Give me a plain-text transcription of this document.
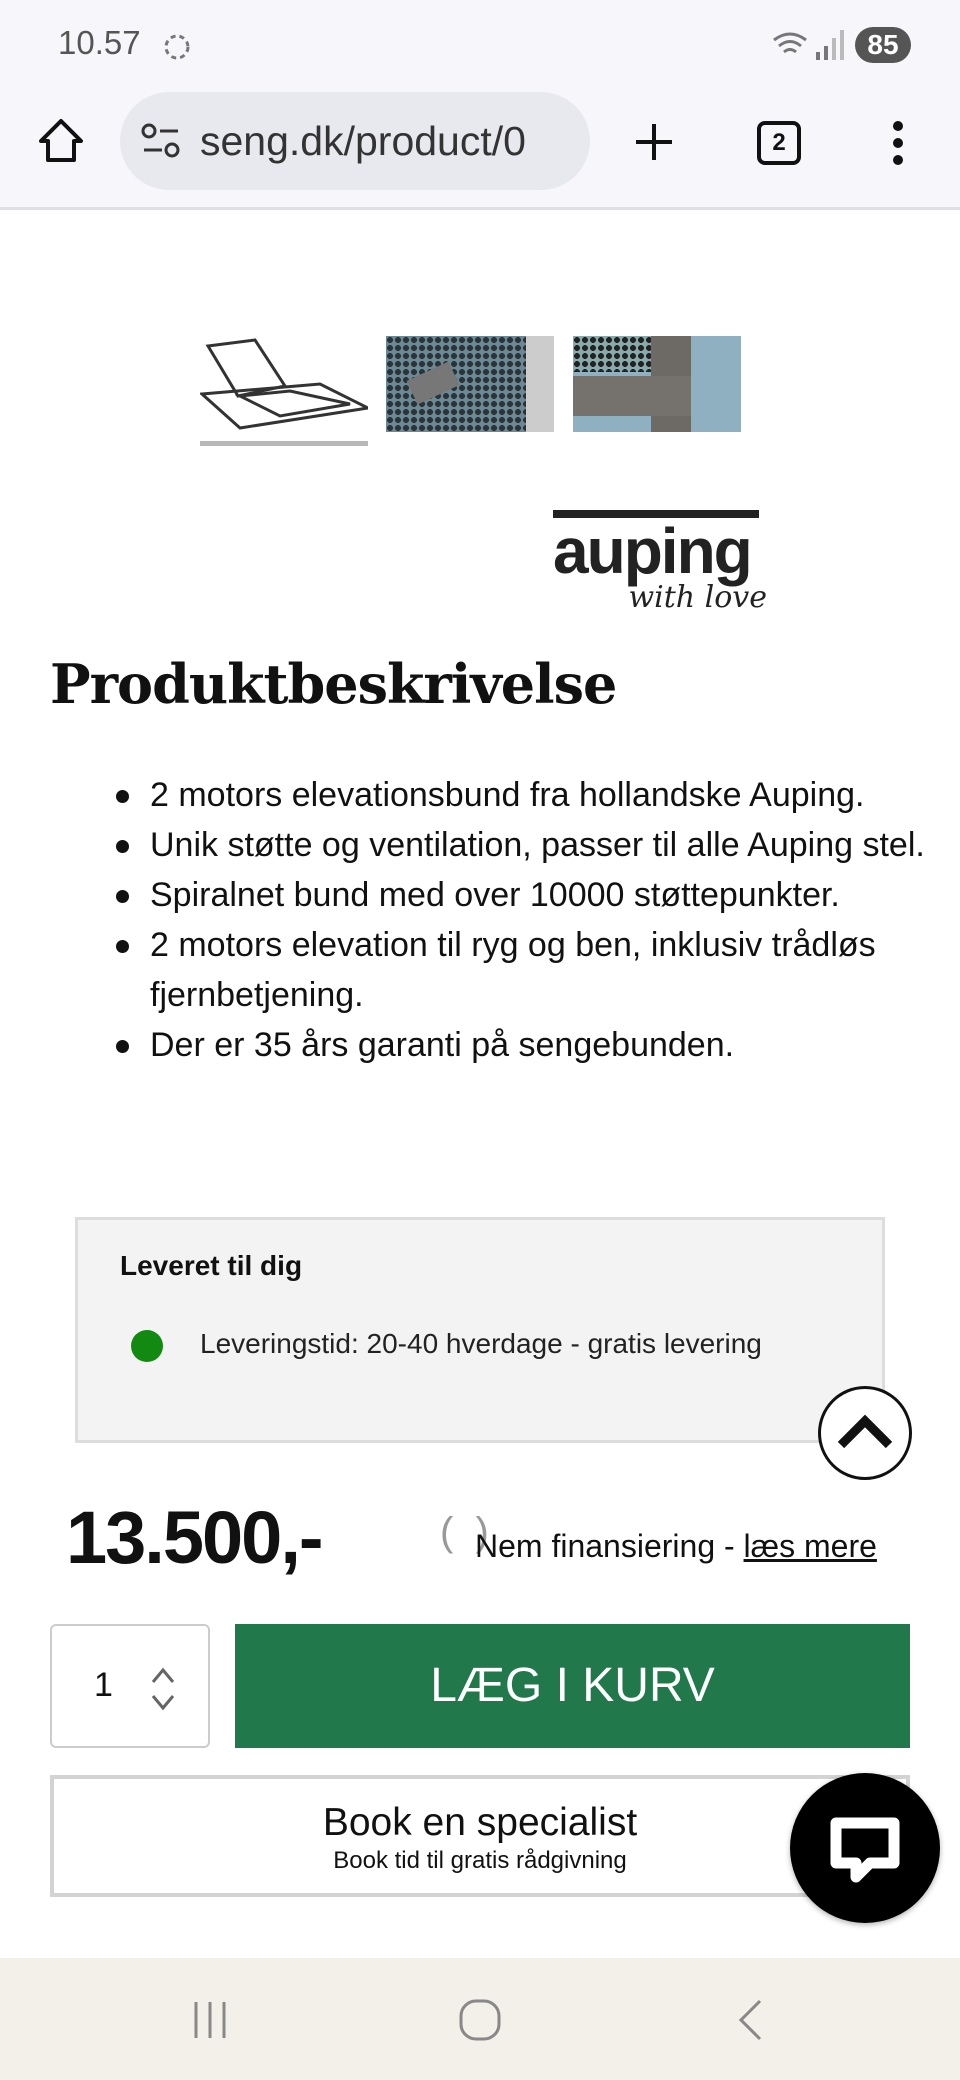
10.57	85
seng.dk/product/0	2
auping
with love
Produktbeskrivelse
2 motors elevationsbund fra hollandske Auping.
Unik støtte og ventilation, passer til alle Auping stel.
Spiralnet bund med over 10000 støttepunkter.
2 motors elevation til ryg og ben, inklusiv trådløs fjernbetjening.
Der er 35 års garanti på sengebunden.
Leveret til dig
Leveringstid: 20-40 hverdage - gratis levering
13.500,-	(  )
Nem finansiering - læs mere
1	LÆG I KURV
Book en specialist
Book tid til gratis rådgivning
